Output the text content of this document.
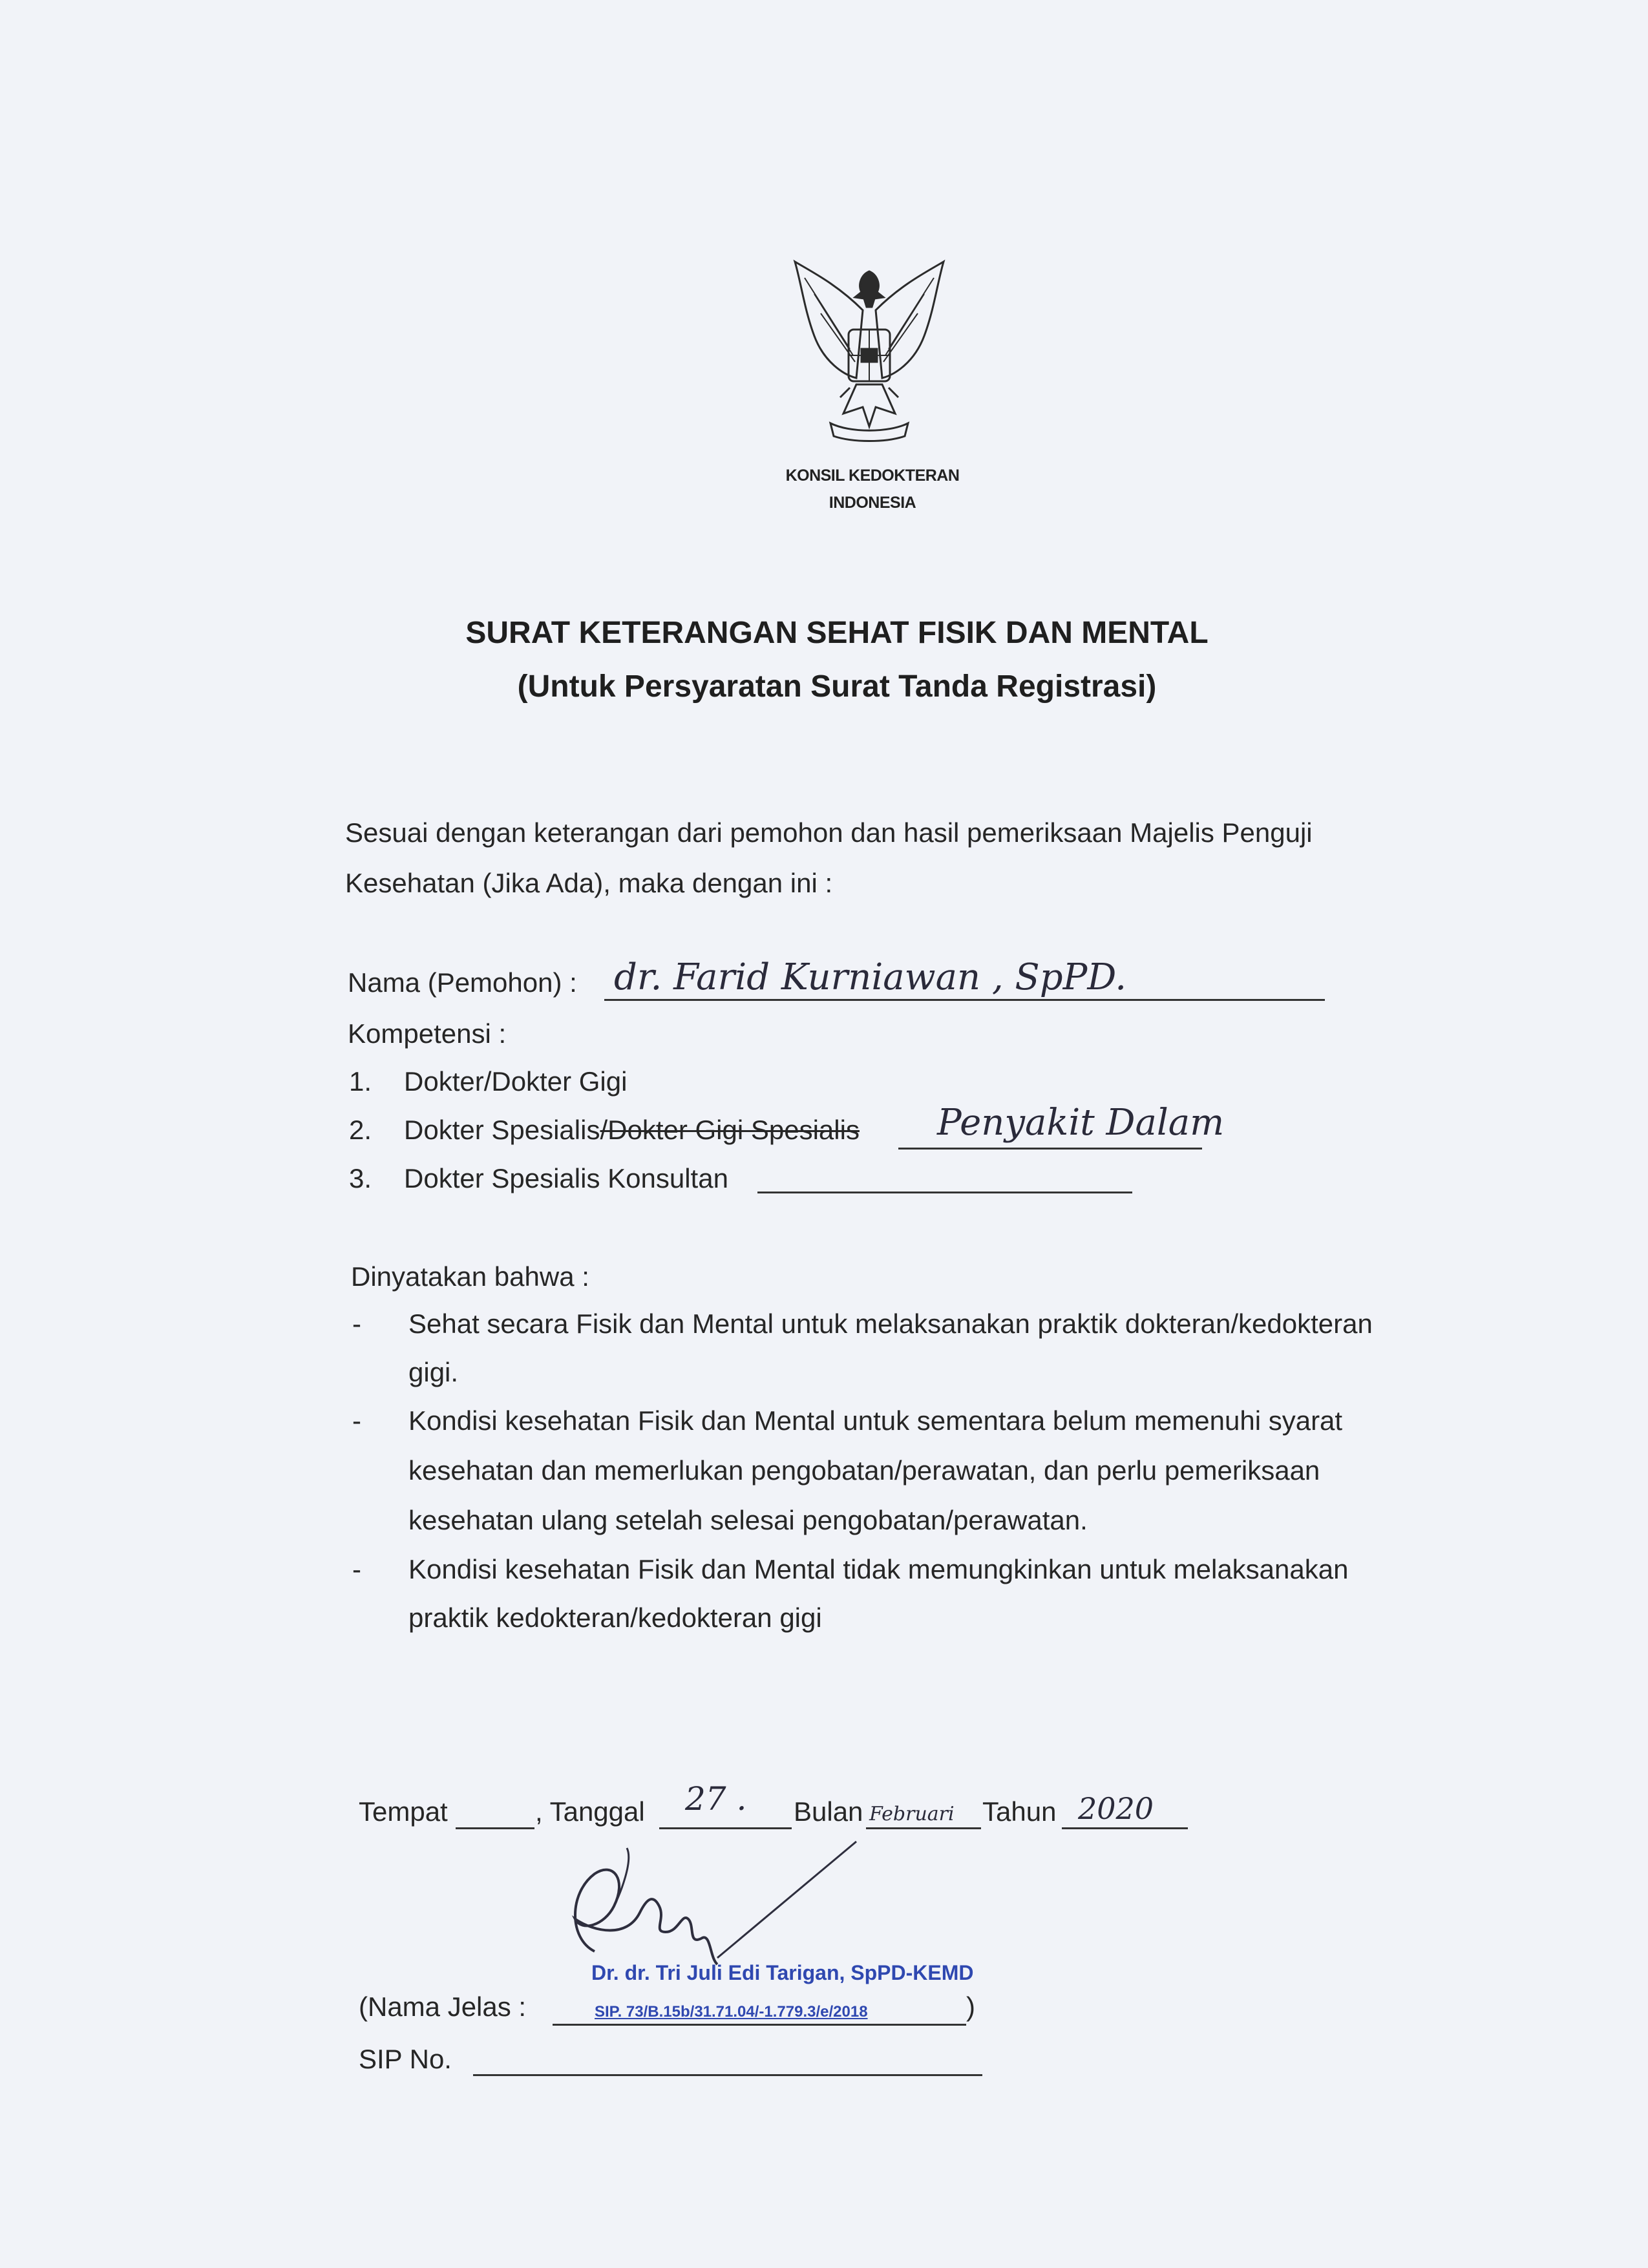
KONSIL KEDOKTERAN
INDONESIA
SURAT KETERANGAN SEHAT FISIK DAN MENTAL
(Untuk Persyaratan Surat Tanda Registrasi)
Sesuai dengan keterangan dari pemohon dan hasil pemeriksaan Majelis Penguji
Kesehatan (Jika Ada), maka dengan ini :
Nama (Pemohon) : dr. Farid Kurniawan , SpPD.
Kompetensi :
1. Dokter/Dokter Gigi
2. Dokter Spesialis/Dokter Gigi Spesialis Penyakit Dalam
3. Dokter Spesialis Konsultan
Dinyatakan bahwa :
- Sehat secara Fisik dan Mental untuk melaksanakan praktik dokteran/kedokteran
gigi.
- Kondisi kesehatan Fisik dan Mental untuk sementara belum memenuhi syarat
kesehatan dan memerlukan pengobatan/perawatan, dan perlu pemeriksaan
kesehatan ulang setelah selesai pengobatan/perawatan.
- Kondisi kesehatan Fisik dan Mental tidak memungkinkan untuk melaksanakan
praktik kedokteran/kedokteran gigi
Tempat	, Tanggal 27 . Bulan Februari Tahun 2020
Dr. dr. Tri Juli Edi Tarigan, SpPD-KEMD
SIP. 73/B.15b/31.71.04/-1.779.3/e/2018
(Nama Jelas :	)
SIP No.
